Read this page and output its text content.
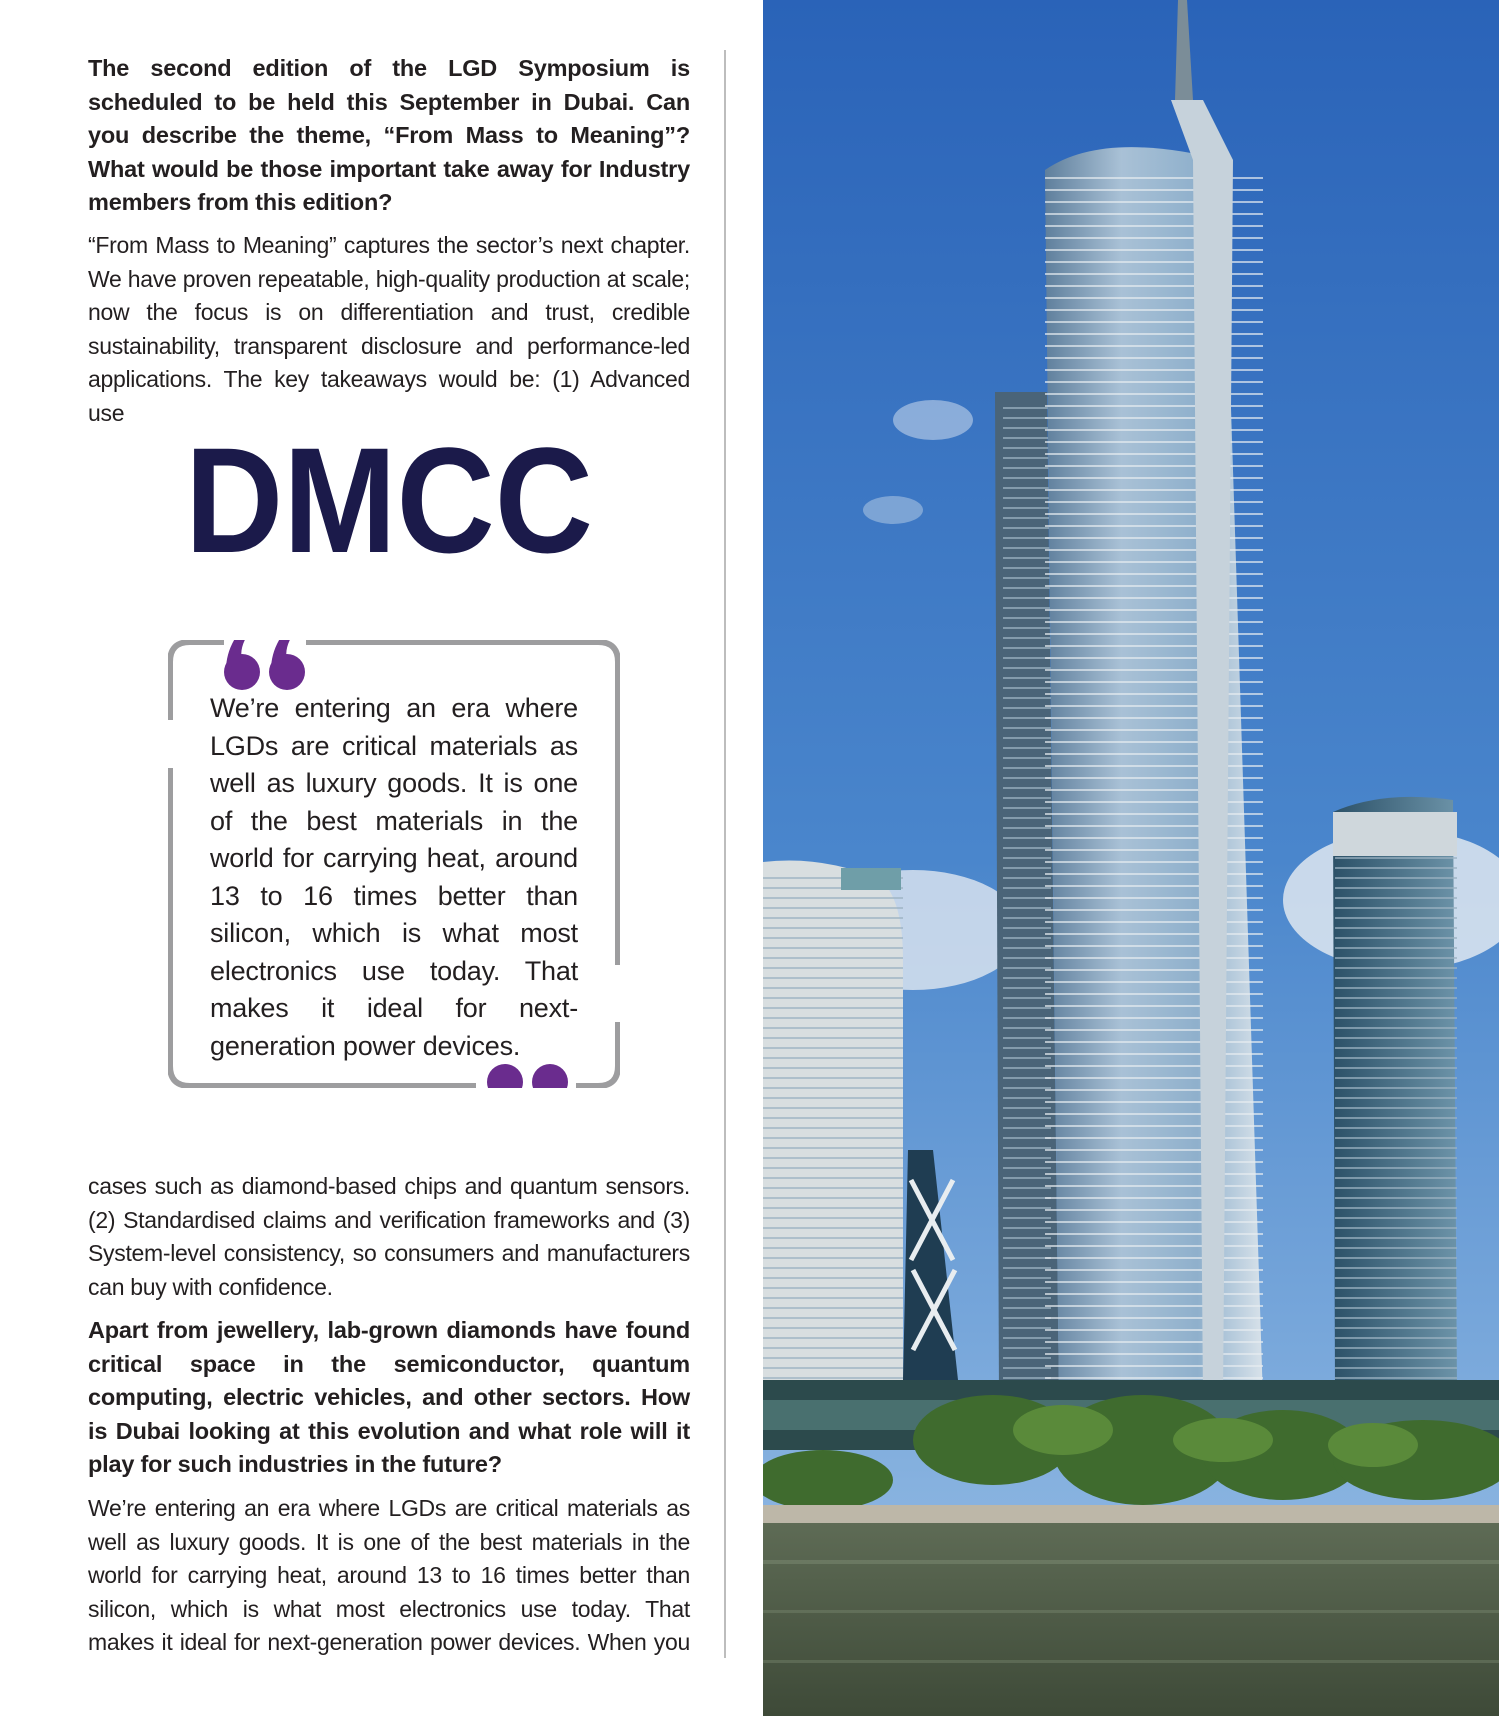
The second edition of the LGD Symposium is scheduled to be held this September in Dubai. Can you describe the theme, “From Mass to Meaning”? What would be those important take away for Industry members from this edition?

“From Mass to Meaning” captures the sector’s next chapter. We have proven repeatable, high-quality production at scale; now the focus is on differentiation and trust, credible sustainability, transparent disclosure and performance-led applications. The key takeaways would be: (1) Advanced use

DMCC

We’re entering an era where LGDs are critical materials as well as luxury goods. It is one of the best materials in the world for carrying heat, around 13 to 16 times better than silicon, which is what most electronics use today. That makes it ideal for next-generation power devices.

cases such as diamond-based chips and quantum sensors. (2) Standardised claims and verification frameworks and (3) System-level consistency, so consumers and manufacturers can buy with confidence.

Apart from jewellery, lab-grown diamonds have found critical space in the semiconductor, quantum computing, electric vehicles, and other sectors. How is Dubai looking at this evolution and what role will it play for such industries in the future?

We’re entering an era where LGDs are critical materials as well as luxury goods. It is one of the best materials in the world for carrying heat, around 13 to 16 times better than silicon, which is what most electronics use today. That makes it ideal for next-generation power devices. When you
